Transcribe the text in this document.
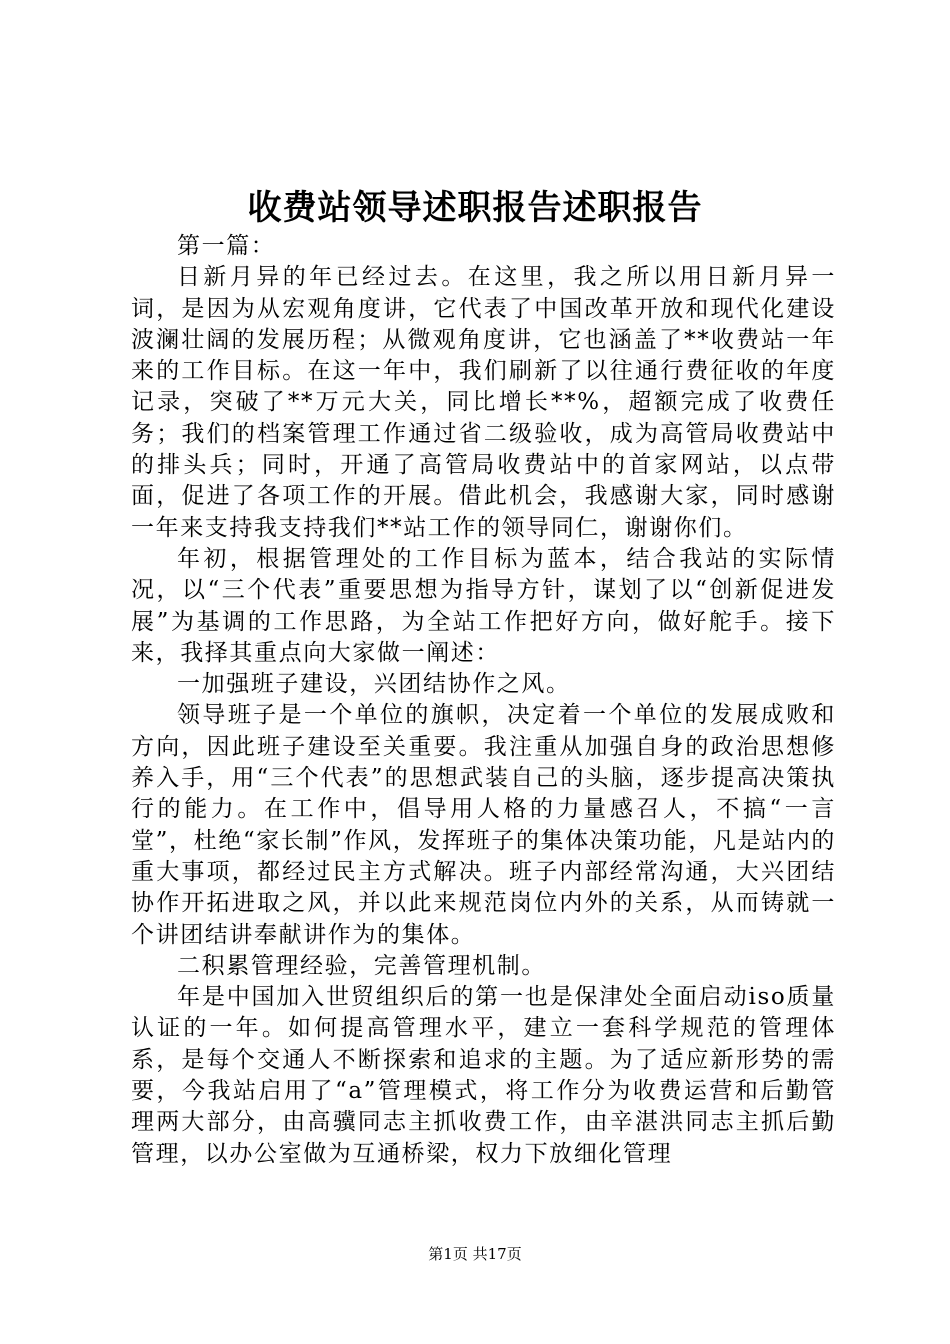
收费站领导述职报告述职报告

第一篇：

日新月异的年已经过去。在这里，我之所以用日新月异一词，是因为从宏观角度讲，它代表了中国改革开放和现代化建设波澜壮阔的发展历程；从微观角度讲，它也涵盖了**收费站一年来的工作目标。在这一年中，我们刷新了以往通行费征收的年度记录，突破了**万元大关，同比增长**%，超额完成了收费任务；我们的档案管理工作通过省二级验收，成为高管局收费站中的排头兵；同时，开通了高管局收费站中的首家网站，以点带面，促进了各项工作的开展。借此机会，我感谢大家，同时感谢一年来支持我支持我们**站工作的领导同仁，谢谢你们。

年初，根据管理处的工作目标为蓝本，结合我站的实际情况，以“三个代表”重要思想为指导方针，谋划了以“创新促进发展”为基调的工作思路，为全站工作把好方向，做好舵手。接下来，我择其重点向大家做一阐述：

一加强班子建设，兴团结协作之风。

领导班子是一个单位的旗帜，决定着一个单位的发展成败和方向，因此班子建设至关重要。我注重从加强自身的政治思想修养入手，用“三个代表”的思想武装自己的头脑，逐步提高决策执行的能力。在工作中，倡导用人格的力量感召人，不搞“一言堂”，杜绝“家长制”作风，发挥班子的集体决策功能，凡是站内的重大事项，都经过民主方式解决。班子内部经常沟通，大兴团结协作开拓进取之风，并以此来规范岗位内外的关系，从而铸就一个讲团结讲奉献讲作为的集体。

二积累管理经验，完善管理机制。

年是中国加入世贸组织后的第一也是保津处全面启动iso质量认证的一年。如何提高管理水平，建立一套科学规范的管理体系，是每个交通人不断探索和追求的主题。为了适应新形势的需要，今我站启用了“a”管理模式，将工作分为收费运营和后勤管理两大部分，由高骥同志主抓收费工作，由辛湛洪同志主抓后勤管理，以办公室做为互通桥梁，权力下放细化管理

第1页 共17页
